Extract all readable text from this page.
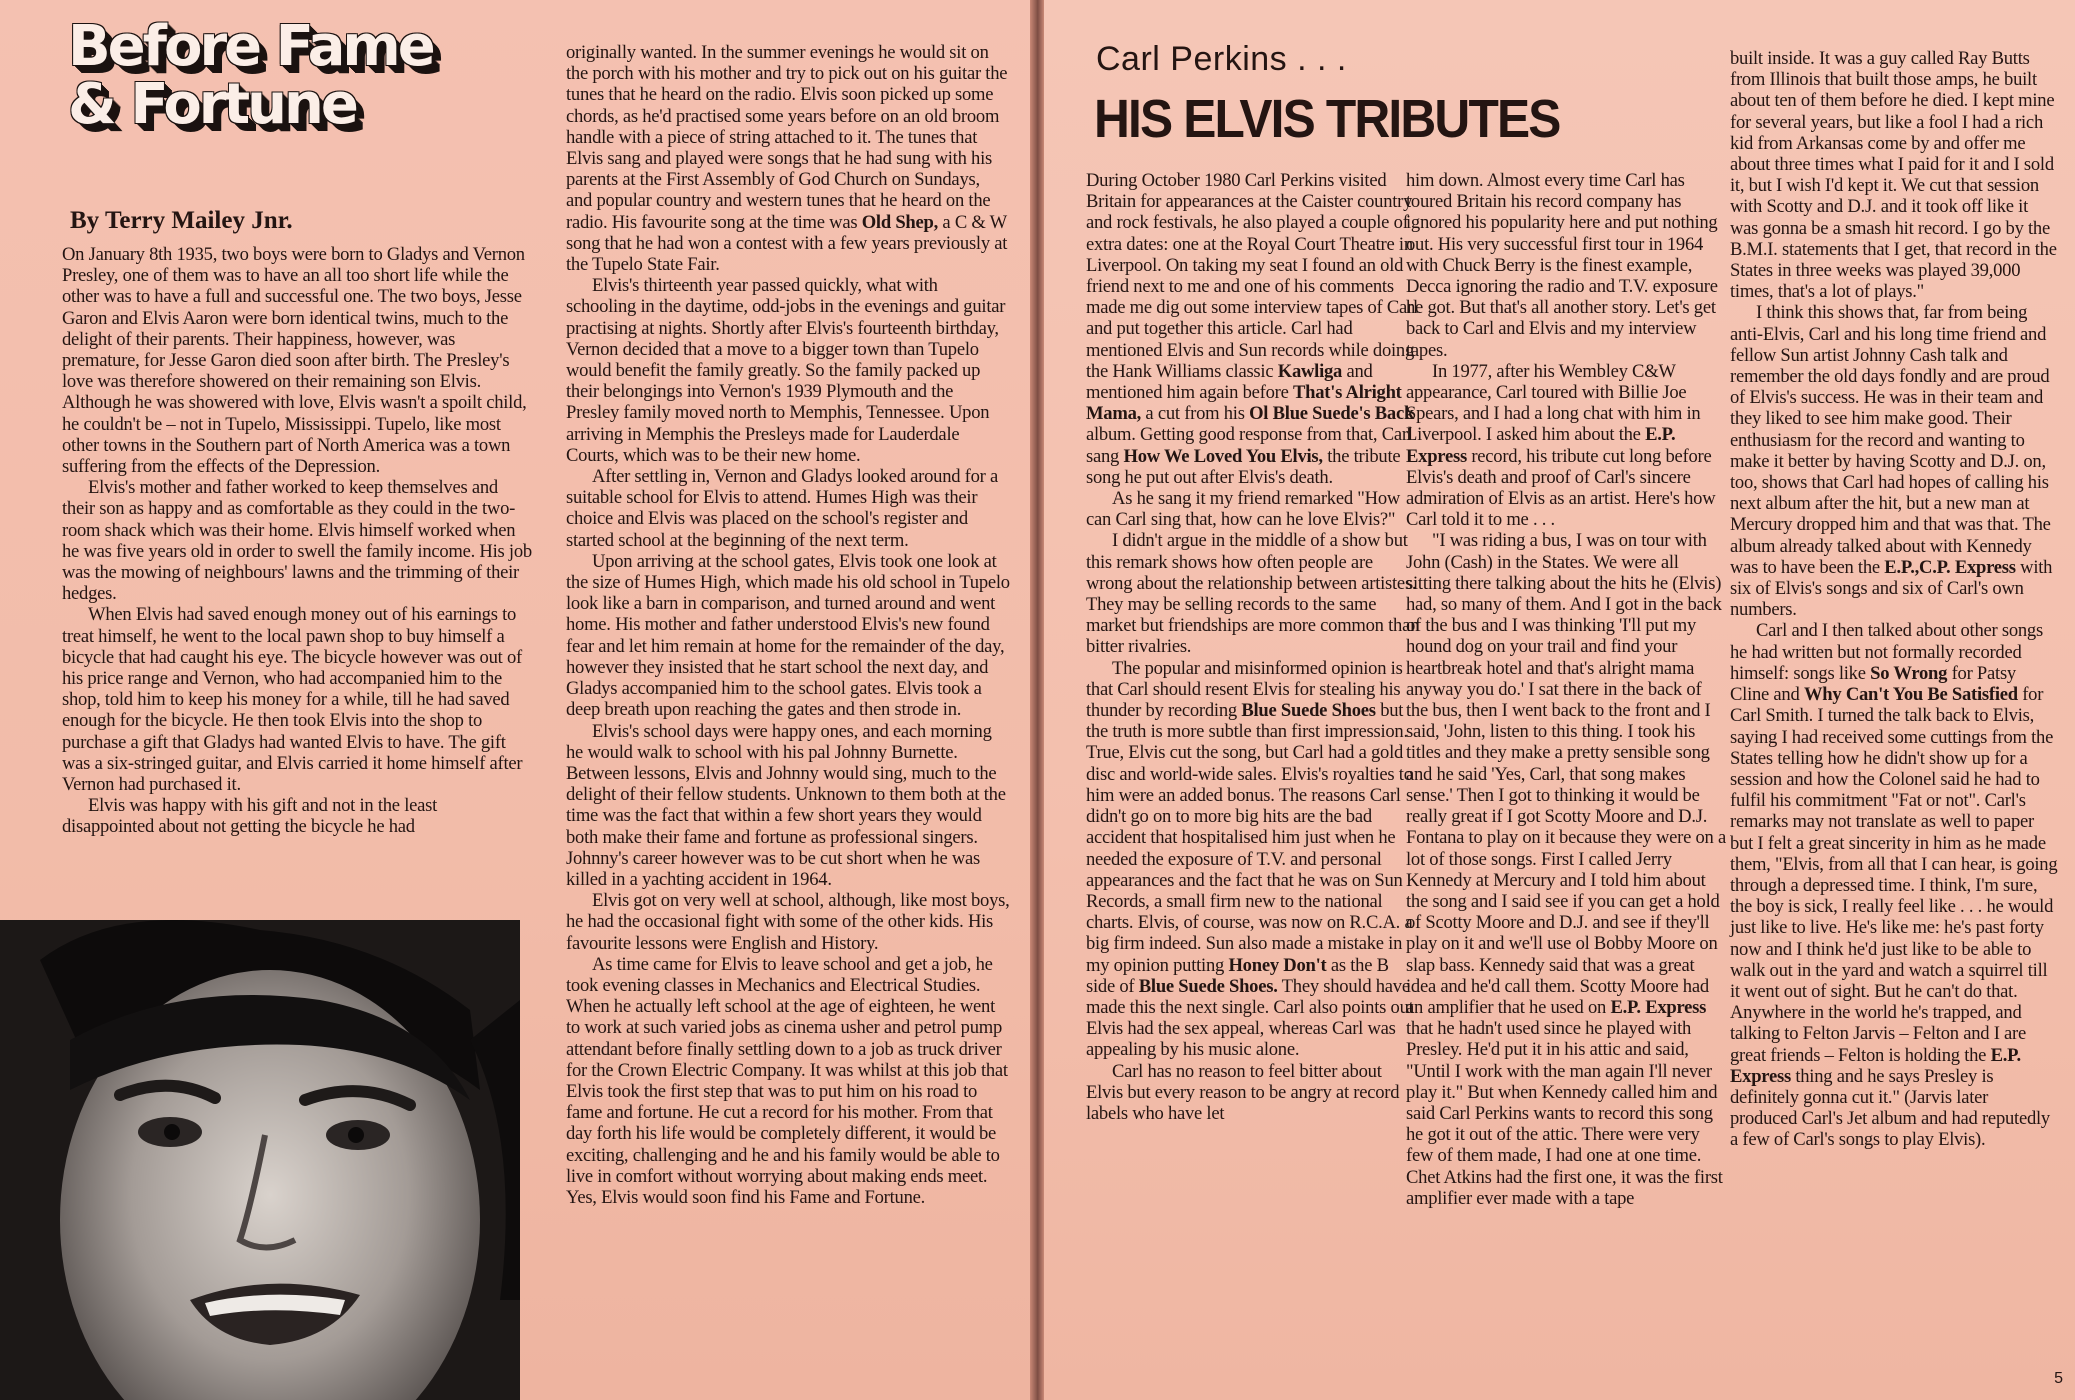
Before Fame
& Fortune
By Terry Mailey Jnr.

On January 8th 1935, two boys were born to Gladys and Vernon Presley, one of them was to have an all too short life while the other was to have a full and successful one. The two boys, Jesse Garon and Elvis Aaron were born identical twins, much to the delight of their parents. Their happiness, however, was premature, for Jesse Garon died soon after birth. The Presley's love was therefore showered on their remaining son Elvis. Although he was showered with love, Elvis wasn't a spoilt child, he couldn't be – not in Tupelo, Mississippi. Tupelo, like most other towns in the Southern part of North America was a town suffering from the effects of the Depression.

Elvis's mother and father worked to keep themselves and their son as happy and as comfortable as they could in the two-room shack which was their home. Elvis himself worked when he was five years old in order to swell the family income. His job was the mowing of neighbours' lawns and the trimming of their hedges.

When Elvis had saved enough money out of his earnings to treat himself, he went to the local pawn shop to buy himself a bicycle that had caught his eye. The bicycle however was out of his price range and Vernon, who had accompanied him to the shop, told him to keep his money for a while, till he had saved enough for the bicycle. He then took Elvis into the shop to purchase a gift that Gladys had wanted Elvis to have. The gift was a six-stringed guitar, and Elvis carried it home himself after Vernon had purchased it.

Elvis was happy with his gift and not in the least disappointed about not getting the bicycle he had

originally wanted. In the summer evenings he would sit on the porch with his mother and try to pick out on his guitar the tunes that he heard on the radio. Elvis soon picked up some chords, as he'd practised some years before on an old broom handle with a piece of string attached to it. The tunes that Elvis sang and played were songs that he had sung with his parents at the First Assembly of God Church on Sundays, and popular country and western tunes that he heard on the radio. His favourite song at the time was Old Shep, a C & W song that he had won a contest with a few years previously at the Tupelo State Fair.

Elvis's thirteenth year passed quickly, what with schooling in the daytime, odd-jobs in the evenings and guitar practising at nights. Shortly after Elvis's fourteenth birthday, Vernon decided that a move to a bigger town than Tupelo would benefit the family greatly. So the family packed up their belongings into Vernon's 1939 Plymouth and the Presley family moved north to Memphis, Tennessee. Upon arriving in Memphis the Presleys made for Lauderdale Courts, which was to be their new home.

After settling in, Vernon and Gladys looked around for a suitable school for Elvis to attend. Humes High was their choice and Elvis was placed on the school's register and started school at the beginning of the next term.

Upon arriving at the school gates, Elvis took one look at the size of Humes High, which made his old school in Tupelo look like a barn in comparison, and turned around and went home. His mother and father understood Elvis's new found fear and let him remain at home for the remainder of the day, however they insisted that he start school the next day, and Gladys accompanied him to the school gates. Elvis took a deep breath upon reaching the gates and then strode in.

Elvis's school days were happy ones, and each morning he would walk to school with his pal Johnny Burnette. Between lessons, Elvis and Johnny would sing, much to the delight of their fellow students. Unknown to them both at the time was the fact that within a few short years they would both make their fame and fortune as professional singers. Johnny's career however was to be cut short when he was killed in a yachting accident in 1964.

Elvis got on very well at school, although, like most boys, he had the occasional fight with some of the other kids. His favourite lessons were English and History.

As time came for Elvis to leave school and get a job, he took evening classes in Mechanics and Electrical Studies. When he actually left school at the age of eighteen, he went to work at such varied jobs as cinema usher and petrol pump attendant before finally settling down to a job as truck driver for the Crown Electric Company. It was whilst at this job that Elvis took the first step that was to put him on his road to fame and fortune. He cut a record for his mother. From that day forth his life would be completely different, it would be exciting, challenging and he and his family would be able to live in comfort without worrying about making ends meet. Yes, Elvis would soon find his Fame and Fortune.

Carl Perkins . . .
HIS ELVIS TRIBUTES

During October 1980 Carl Perkins visited Britain for appearances at the Caister country and rock festivals, he also played a couple of extra dates: one at the Royal Court Theatre in Liverpool. On taking my seat I found an old friend next to me and one of his comments made me dig out some interview tapes of Carl and put together this article. Carl had mentioned Elvis and Sun records while doing the Hank Williams classic Kawliga and mentioned him again before That's Alright Mama, a cut from his Ol Blue Suede's Back album. Getting good response from that, Carl sang How We Loved You Elvis, the tribute song he put out after Elvis's death.

As he sang it my friend remarked "How can Carl sing that, how can he love Elvis?"

I didn't argue in the middle of a show but this remark shows how often people are wrong about the relationship between artistes. They may be selling records to the same market but friendships are more common than bitter rivalries.

The popular and misinformed opinion is that Carl should resent Elvis for stealing his thunder by recording Blue Suede Shoes but the truth is more subtle than first impression. True, Elvis cut the song, but Carl had a gold disc and world-wide sales. Elvis's royalties to him were an added bonus. The reasons Carl didn't go on to more big hits are the bad accident that hospitalised him just when he needed the exposure of T.V. and personal appearances and the fact that he was on Sun Records, a small firm new to the national charts. Elvis, of course, was now on R.C.A. a big firm indeed. Sun also made a mistake in my opinion putting Honey Don't as the B side of Blue Suede Shoes. They should have made this the next single. Carl also points out Elvis had the sex appeal, whereas Carl was appealing by his music alone.

Carl has no reason to feel bitter about Elvis but every reason to be angry at record labels who have let

him down. Almost every time Carl has toured Britain his record company has ignored his popularity here and put nothing out. His very successful first tour in 1964 with Chuck Berry is the finest example, Decca ignoring the radio and T.V. exposure he got. But that's all another story. Let's get back to Carl and Elvis and my interview tapes.

In 1977, after his Wembley C&W appearance, Carl toured with Billie Joe Spears, and I had a long chat with him in Liverpool. I asked him about the E.P. Express record, his tribute cut long before Elvis's death and proof of Carl's sincere admiration of Elvis as an artist. Here's how Carl told it to me . . .

"I was riding a bus, I was on tour with John (Cash) in the States. We were all sitting there talking about the hits he (Elvis) had, so many of them. And I got in the back of the bus and I was thinking 'I'll put my hound dog on your trail and find your heartbreak hotel and that's alright mama anyway you do.' I sat there in the back of the bus, then I went back to the front and I said, 'John, listen to this thing. I took his titles and they make a pretty sensible song and he said 'Yes, Carl, that song makes sense.' Then I got to thinking it would be really great if I got Scotty Moore and D.J. Fontana to play on it because they were on a lot of those songs. First I called Jerry Kennedy at Mercury and I told him about the song and I said see if you can get a hold of Scotty Moore and D.J. and see if they'll play on it and we'll use ol Bobby Moore on slap bass. Kennedy said that was a great idea and he'd call them. Scotty Moore had an amplifier that he used on E.P. Express that he hadn't used since he played with Presley. He'd put it in his attic and said, "Until I work with the man again I'll never play it." But when Kennedy called him and said Carl Perkins wants to record this song he got it out of the attic. There were very few of them made, I had one at one time. Chet Atkins had the first one, it was the first amplifier ever made with a tape

built inside. It was a guy called Ray Butts from Illinois that built those amps, he built about ten of them before he died. I kept mine for several years, but like a fool I had a rich kid from Arkansas come by and offer me about three times what I paid for it and I sold it, but I wish I'd kept it. We cut that session with Scotty and D.J. and it took off like it was gonna be a smash hit record. I go by the B.M.I. statements that I get, that record in the States in three weeks was played 39,000 times, that's a lot of plays."

I think this shows that, far from being anti-Elvis, Carl and his long time friend and fellow Sun artist Johnny Cash talk and remember the old days fondly and are proud of Elvis's success. He was in their team and they liked to see him make good. Their enthusiasm for the record and wanting to make it better by having Scotty and D.J. on, too, shows that Carl had hopes of calling his next album after the hit, but a new man at Mercury dropped him and that was that. The album already talked about with Kennedy was to have been the E.P.,C.P. Express with six of Elvis's songs and six of Carl's own numbers.

Carl and I then talked about other songs he had written but not formally recorded himself: songs like So Wrong for Patsy Cline and Why Can't You Be Satisfied for Carl Smith. I turned the talk back to Elvis, saying I had received some cuttings from the States telling how he didn't show up for a session and how the Colonel said he had to fulfil his commitment "Fat or not". Carl's remarks may not translate as well to paper but I felt a great sincerity in him as he made them, "Elvis, from all that I can hear, is going through a depressed time. I think, I'm sure, the boy is sick, I really feel like . . . he would just like to live. He's like me: he's past forty now and I think he'd just like to be able to walk out in the yard and watch a squirrel till it went out of sight. But he can't do that. Anywhere in the world he's trapped, and talking to Felton Jarvis – Felton and I are great friends – Felton is holding the E.P. Express thing and he says Presley is definitely gonna cut it." (Jarvis later produced Carl's Jet album and had reputedly a few of Carl's songs to play Elvis).

5
